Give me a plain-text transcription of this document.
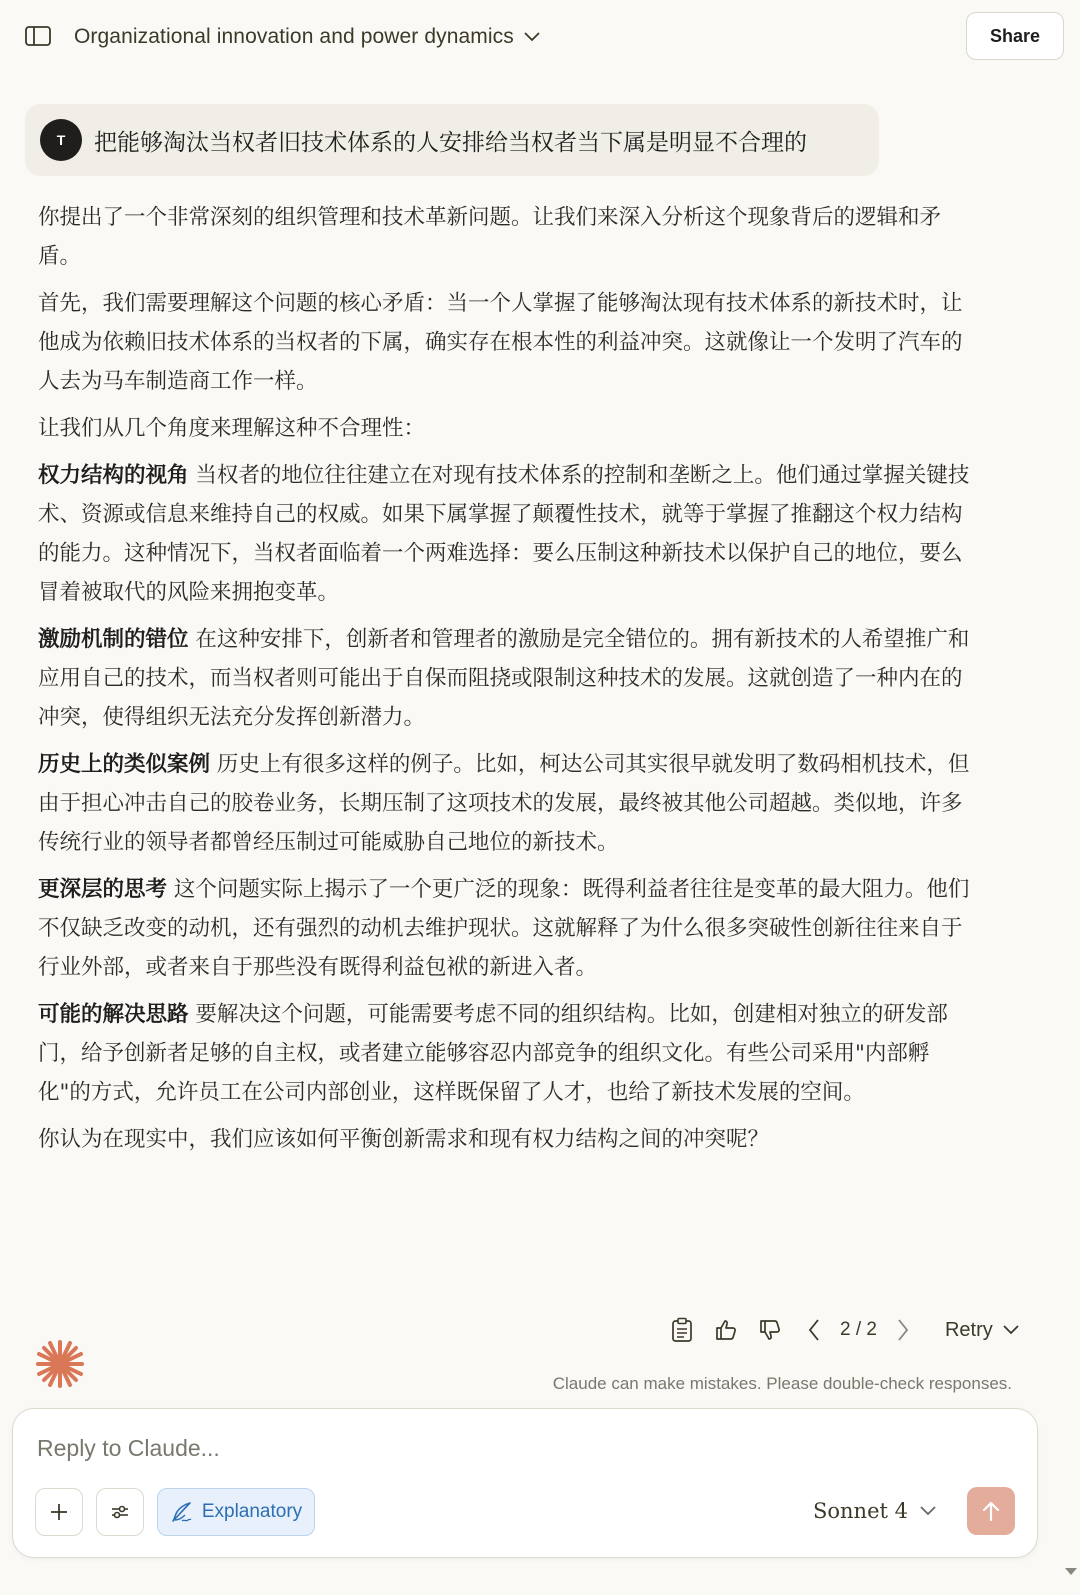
Organizational innovation and power dynamics	Share
T	把能够淘汰当权者旧技术体系的人安排给当权者当下属是明显不合理的

你提出了一个非常深刻的组织管理和技术革新问题。让我们来深入分析这个现象背后的逻辑和矛盾。

首先，我们需要理解这个问题的核心矛盾：当一个人掌握了能够淘汰现有技术体系的新技术时，让他成为依赖旧技术体系的当权者的下属，确实存在根本性的利益冲突。这就像让一个发明了汽车的人去为马车制造商工作一样。

让我们从几个角度来理解这种不合理性：

权力结构的视角 当权者的地位往往建立在对现有技术体系的控制和垄断之上。他们通过掌握关键技术、资源或信息来维持自己的权威。如果下属掌握了颠覆性技术，就等于掌握了推翻这个权力结构的能力。这种情况下，当权者面临着一个两难选择：要么压制这种新技术以保护自己的地位，要么冒着被取代的风险来拥抱变革。

激励机制的错位 在这种安排下，创新者和管理者的激励是完全错位的。拥有新技术的人希望推广和应用自己的技术，而当权者则可能出于自保而阻挠或限制这种技术的发展。这就创造了一种内在的冲突，使得组织无法充分发挥创新潜力。

历史上的类似案例 历史上有很多这样的例子。比如，柯达公司其实很早就发明了数码相机技术，但由于担心冲击自己的胶卷业务，长期压制了这项技术的发展，最终被其他公司超越。类似地，许多传统行业的领导者都曾经压制过可能威胁自己地位的新技术。

更深层的思考 这个问题实际上揭示了一个更广泛的现象：既得利益者往往是变革的最大阻力。他们不仅缺乏改变的动机，还有强烈的动机去维护现状。这就解释了为什么很多突破性创新往往来自于行业外部，或者来自于那些没有既得利益包袱的新进入者。

可能的解决思路 要解决这个问题，可能需要考虑不同的组织结构。比如，创建相对独立的研发部门，给予创新者足够的自主权，或者建立能够容忍内部竞争的组织文化。有些公司采用"内部孵化"的方式，允许员工在公司内部创业，这样既保留了人才，也给了新技术发展的空间。

你认为在现实中，我们应该如何平衡创新需求和现有权力结构之间的冲突呢？

2 / 2	Retry
Claude can make mistakes. Please double-check responses.
Reply to Claude...
Explanatory	Sonnet 4
